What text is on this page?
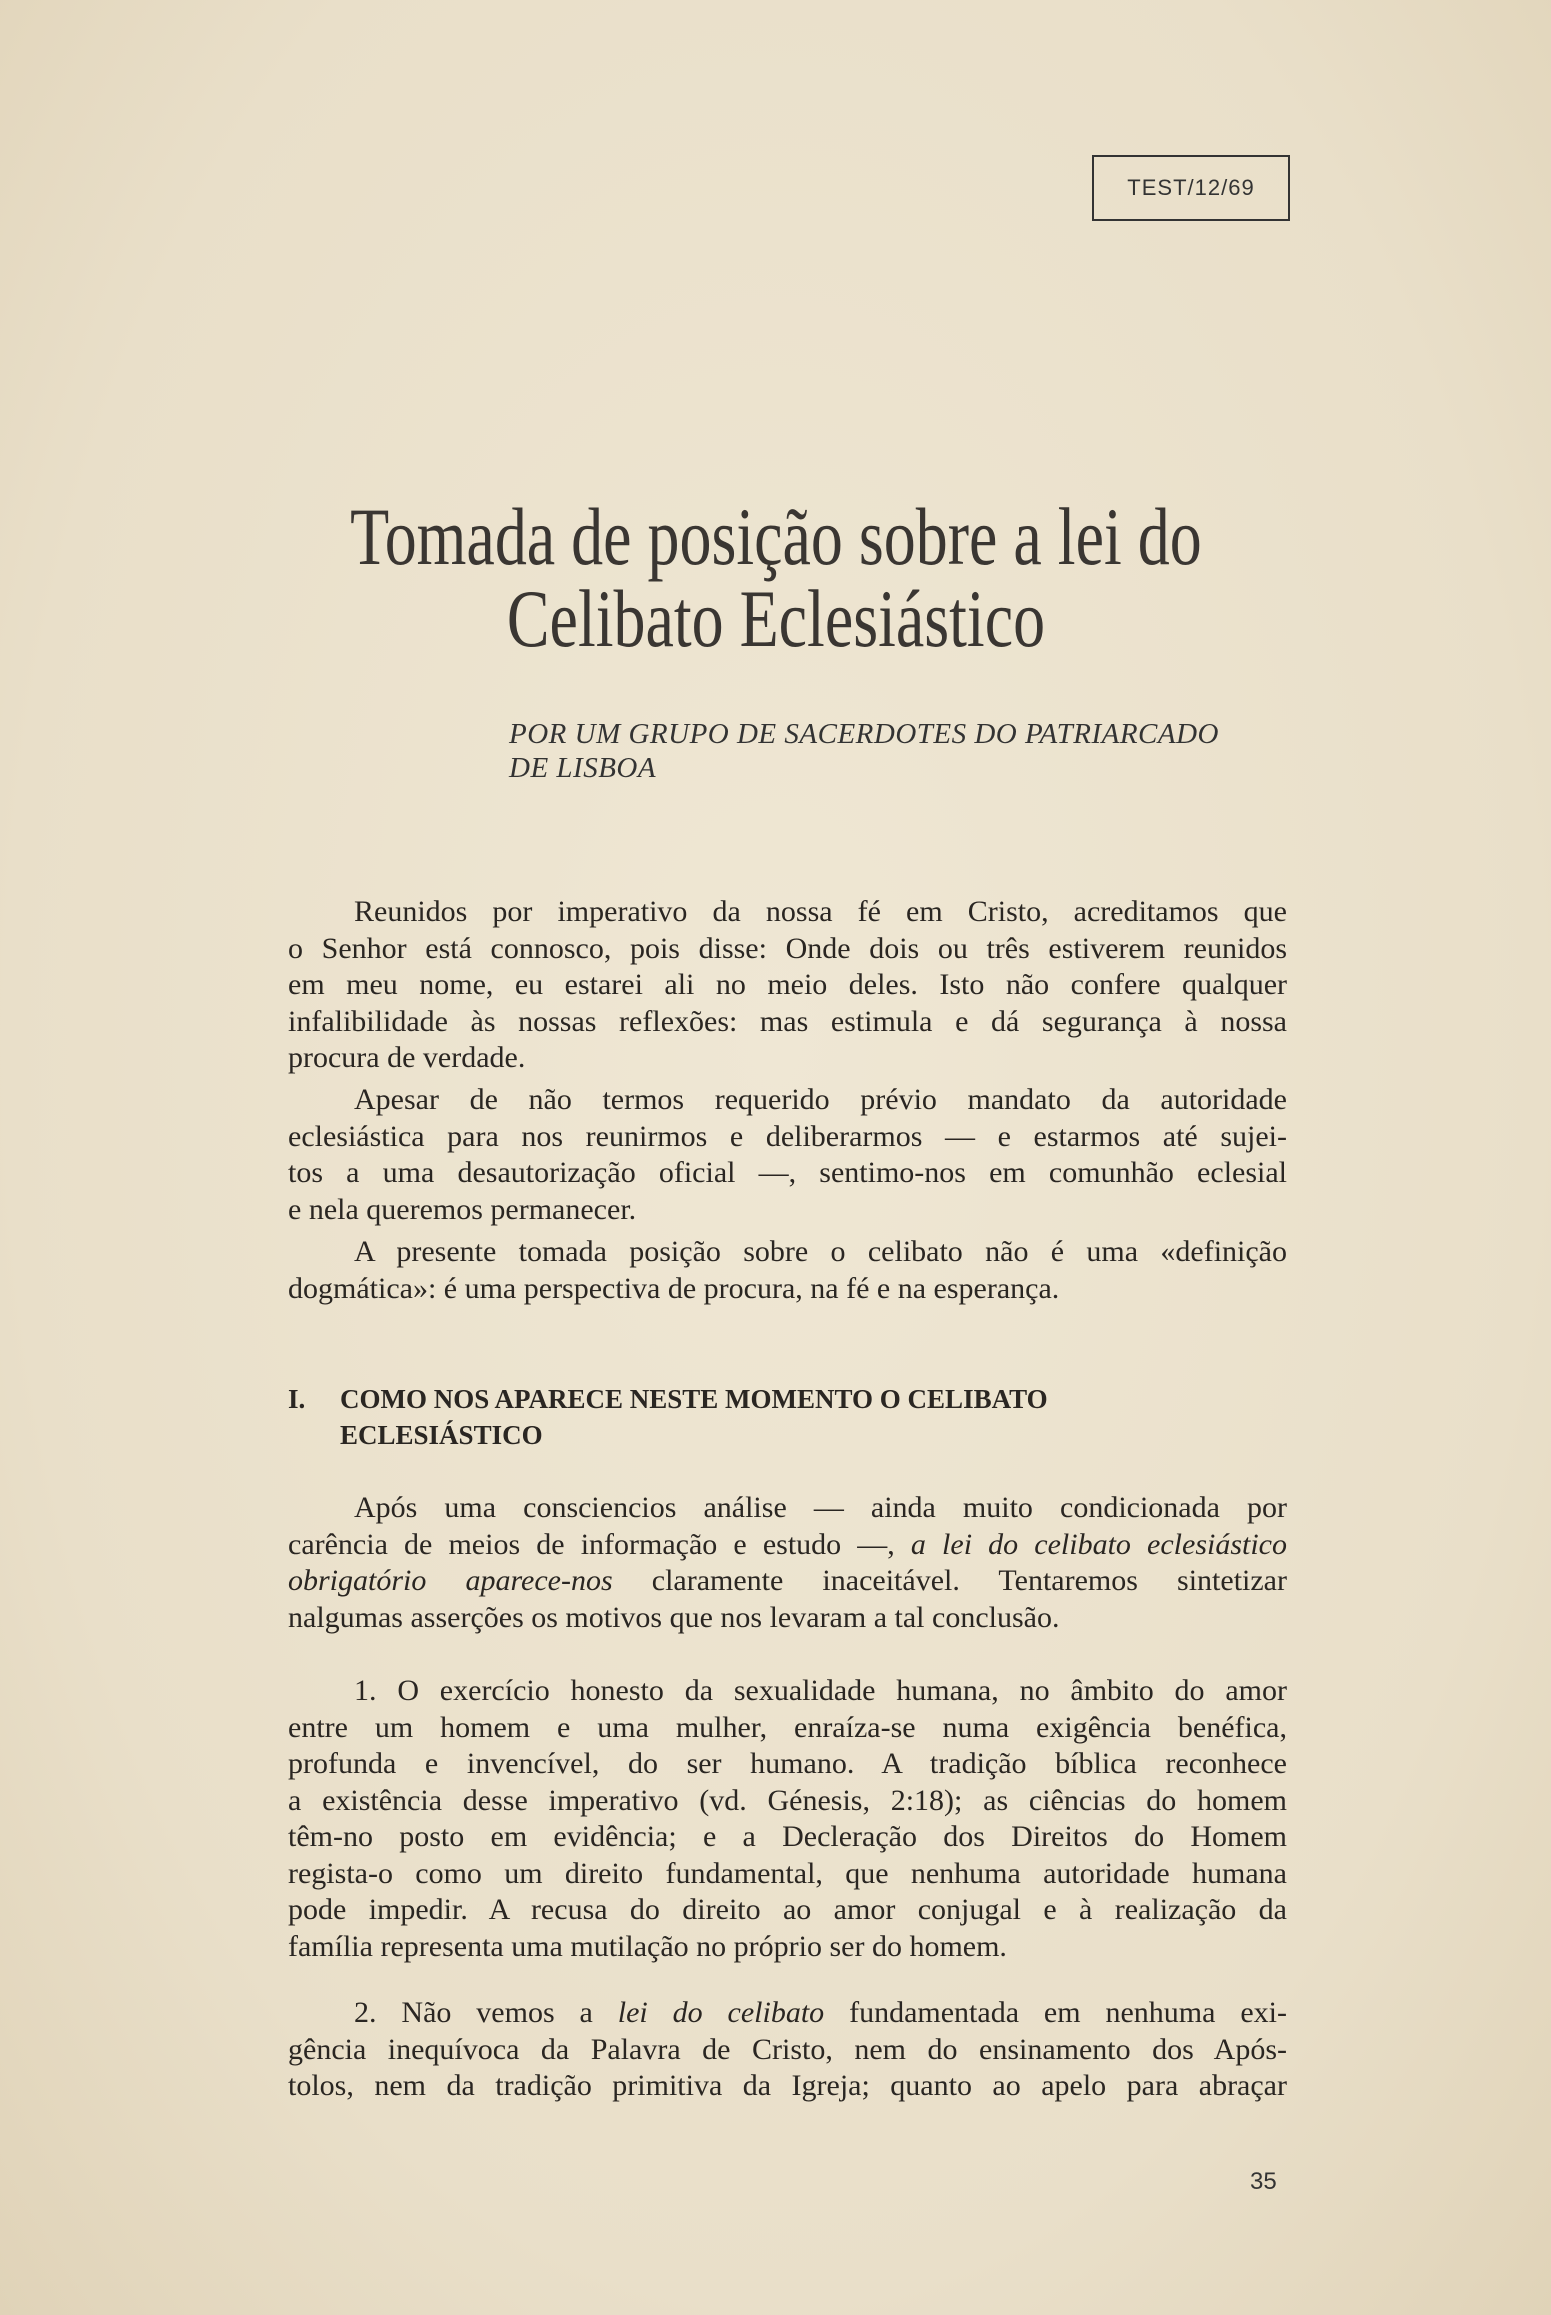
TEST/12/69
Tomada de posição sobre a lei do
Celibato Eclesiástico
POR UM GRUPO DE SACERDOTES DO PATRIARCADO
DE LISBOA
Reunidos por imperativo da nossa fé em Cristo, acreditamos que
o Senhor está connosco, pois disse: Onde dois ou três estiverem reunidos
em meu nome, eu estarei ali no meio deles. Isto não confere qualquer
infalibilidade às nossas reflexões: mas estimula e dá segurança à nossa
procura de verdade.
Apesar de não termos requerido prévio mandato da autoridade
eclesiástica para nos reunirmos e deliberarmos — e estarmos até sujei-
tos a uma desautorização oficial —, sentimo-nos em comunhão eclesial
e nela queremos permanecer.
A presente tomada posição sobre o celibato não é uma «definição
dogmática»: é uma perspectiva de procura, na fé e na esperança.
I. COMO NOS APARECE NESTE MOMENTO O CELIBATO
ECLESIÁSTICO
Após uma consciencios análise — ainda muito condicionada por
carência de meios de informação e estudo —, a lei do celibato eclesiástico
obrigatório aparece-nos claramente inaceitável. Tentaremos sintetizar
nalgumas asserções os motivos que nos levaram a tal conclusão.
1. O exercício honesto da sexualidade humana, no âmbito do amor
entre um homem e uma mulher, enraíza-se numa exigência benéfica,
profunda e invencível, do ser humano. A tradição bíblica reconhece
a existência desse imperativo (vd. Génesis, 2:18); as ciências do homem
têm-no posto em evidência; e a Decleração dos Direitos do Homem
regista-o como um direito fundamental, que nenhuma autoridade humana
pode impedir. A recusa do direito ao amor conjugal e à realização da
família representa uma mutilação no próprio ser do homem.
2. Não vemos a lei do celibato fundamentada em nenhuma exi-
gência inequívoca da Palavra de Cristo, nem do ensinamento dos Após-
tolos, nem da tradição primitiva da Igreja; quanto ao apelo para abraçar
35
